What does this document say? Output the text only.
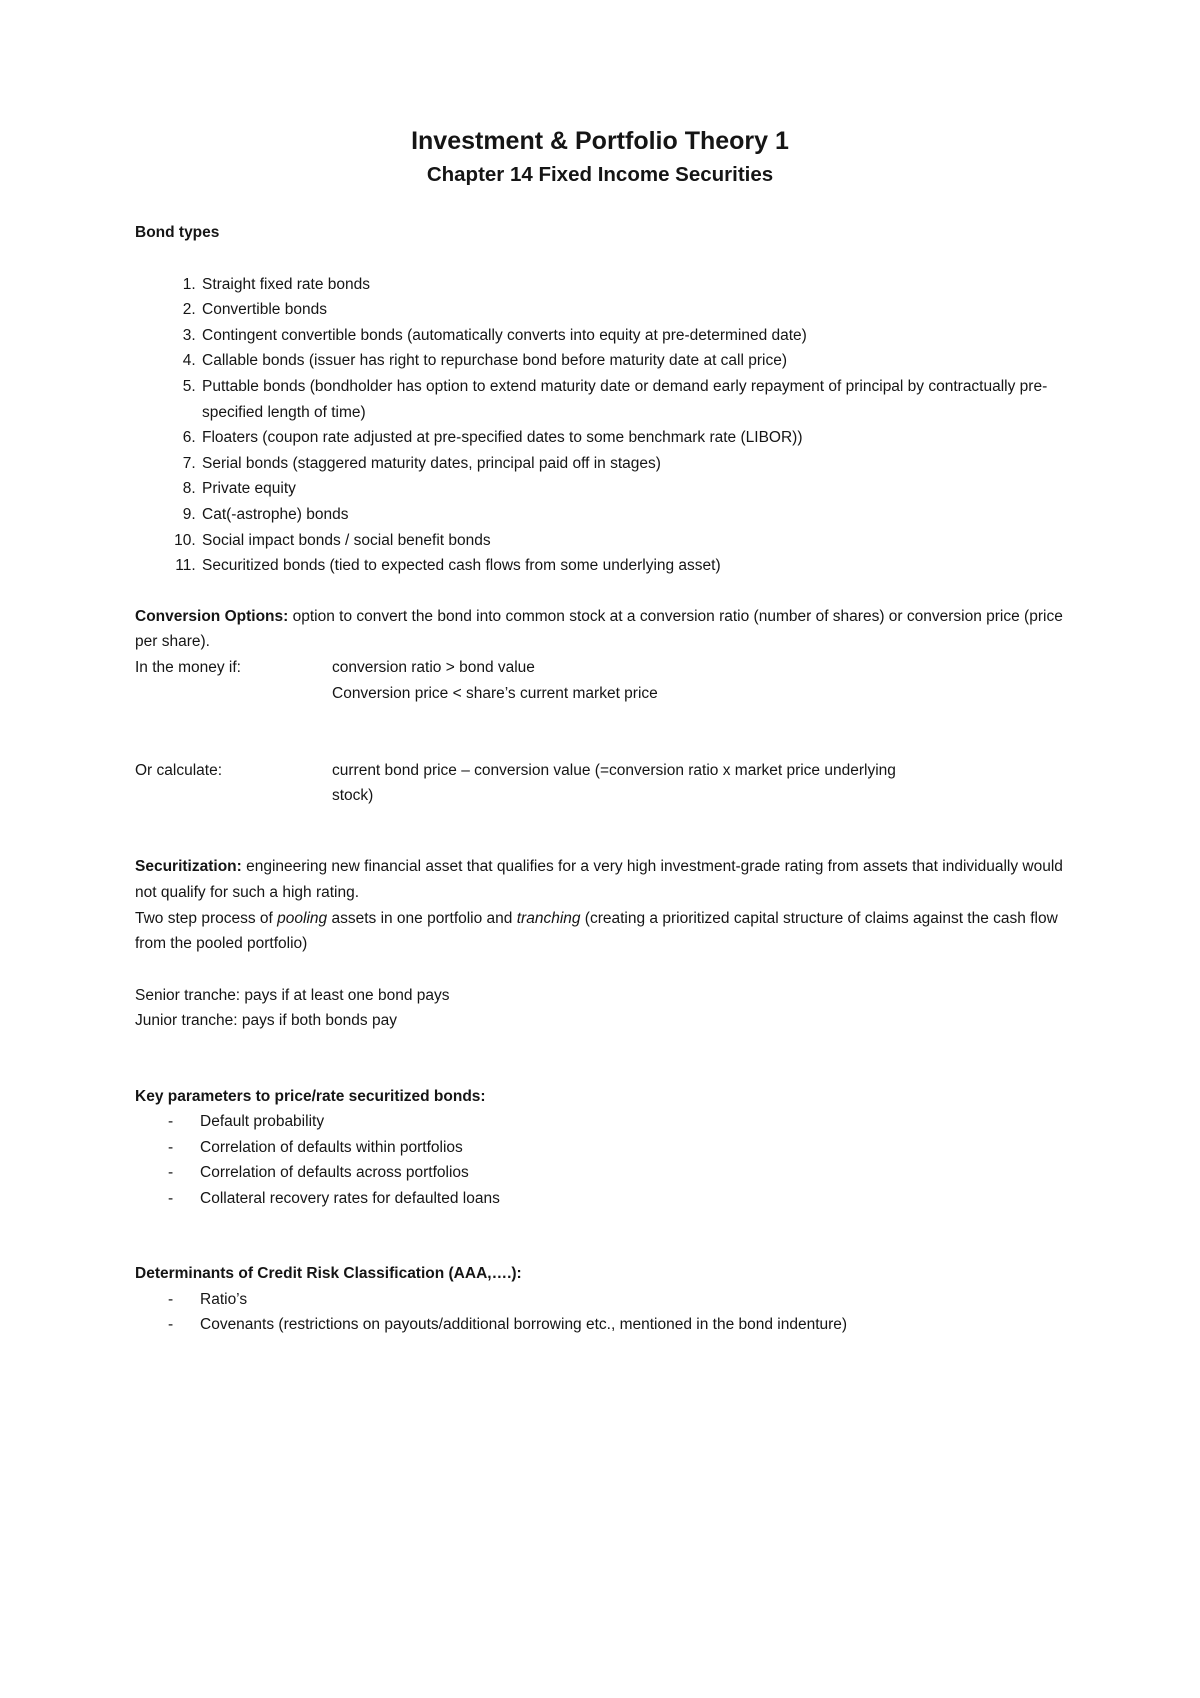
Investment & Portfolio Theory 1
Chapter 14 Fixed Income Securities
Bond types
1. Straight fixed rate bonds
2. Convertible bonds
3. Contingent convertible bonds (automatically converts into equity at pre-determined date)
4. Callable bonds (issuer has right to repurchase bond before maturity date at call price)
5. Puttable bonds (bondholder has option to extend maturity date or demand early repayment of principal by contractually pre-specified length of time)
6. Floaters (coupon rate adjusted at pre-specified dates to some benchmark rate (LIBOR))
7. Serial bonds (staggered maturity dates, principal paid off in stages)
8. Private equity
9. Cat(-astrophe) bonds
10. Social impact bonds / social benefit bonds
11. Securitized bonds (tied to expected cash flows from some underlying asset)

Conversion Options: option to convert the bond into common stock at a conversion ratio (number of shares) or conversion price (price per share).

In the money if:	conversion ratio > bond value
Conversion price < share’s current market price
Or calculate:	current bond price – conversion value (=conversion ratio x market price underlying stock)

Securitization: engineering new financial asset that qualifies for a very high investment-grade rating from assets that individually would not qualify for such a high rating.

Two step process of pooling assets in one portfolio and tranching (creating a prioritized capital structure of claims against the cash flow from the pooled portfolio)

Senior tranche: pays if at least one bond pays
Junior tranche: pays if both bonds pay
Key parameters to price/rate securitized bonds:
- Default probability
- Correlation of defaults within portfolios
- Correlation of defaults across portfolios
- Collateral recovery rates for defaulted loans
Determinants of Credit Risk Classification (AAA,….):
- Ratio’s
- Covenants (restrictions on payouts/additional borrowing etc., mentioned in the bond indenture)
